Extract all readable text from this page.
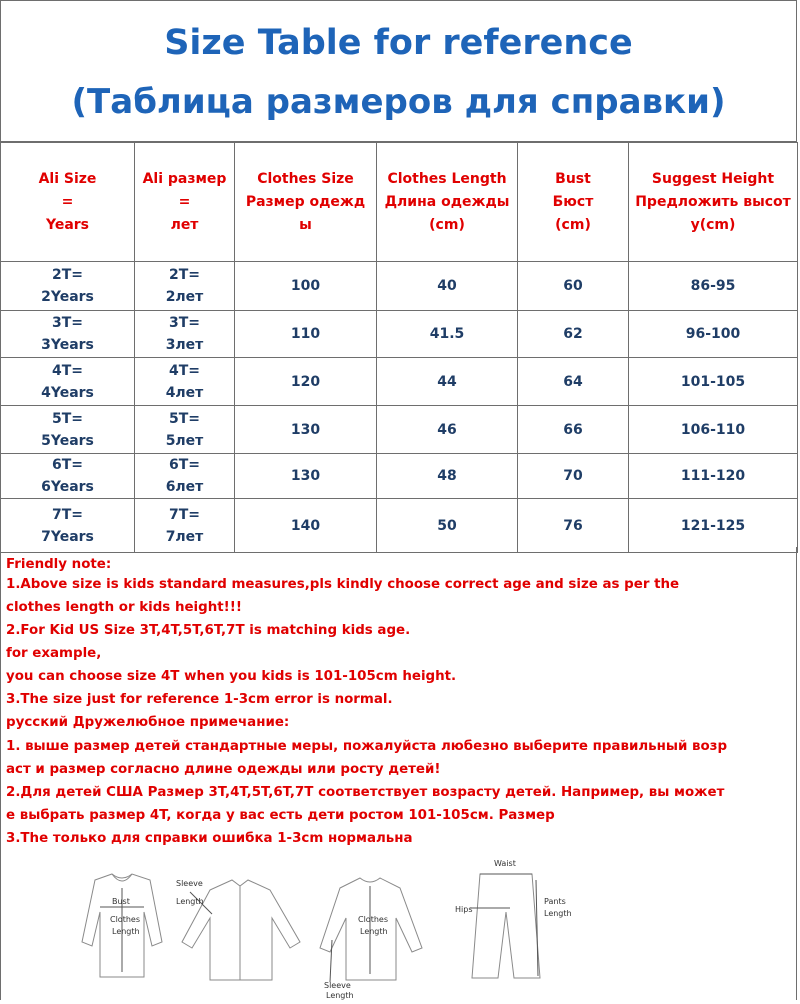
Size Table for reference
(Таблица размеров для справки)
Ali Size
=
Years	Ali размер
=
лет	Clothes Size
Размер одежд
ы	Clothes Length
Длина одежды
(cm)	Bust
Бюст
(cm)	Suggest Height
Предложить высот
у(cm)

2T=
2Years	2T=
2лет	100	40	60	86-95

3T=
3Years	3T=
3лет	110	41.5	62	96-100

4T=
4Years	4T=
4лет	120	44	64	101-105

5T=
5Years	5T=
5лет	130	46	66	106-110

6T=
6Years	6T=
6лет	130	48	70	111-120

7T=
7Years	7T=
7лет	140	50	76	121-125
Friendly note:
1.Above size is kids standard measures,pls kindly choose correct age and size as per the
clothes length or kids height!!!
2.For Kid US Size 3T,4T,5T,6T,7T is matching kids age.
for example,
you can choose size 4T when you kids is 101-105cm height.
3.The size just for reference 1-3cm error is normal.
русский Дружелюбное примечание:
1. выше размер детей стандартные меры, пожалуйста любезно выберите правильный возр
аст и размер согласно длине одежды или росту детей!
2.Для детей США Размер 3T,4T,5T,6T,7T соответствует возрасту детей. Например, вы может
е выбрать размер 4T, когда у вас есть дети ростом 101-105см. Размер
3.The только для справки ошибка 1-3cm нормальна
Bust
Clothes
Length
Sleeve
Length
Clothes
Length
Sleeve
Length
Waist
Hips
Pants
Length
